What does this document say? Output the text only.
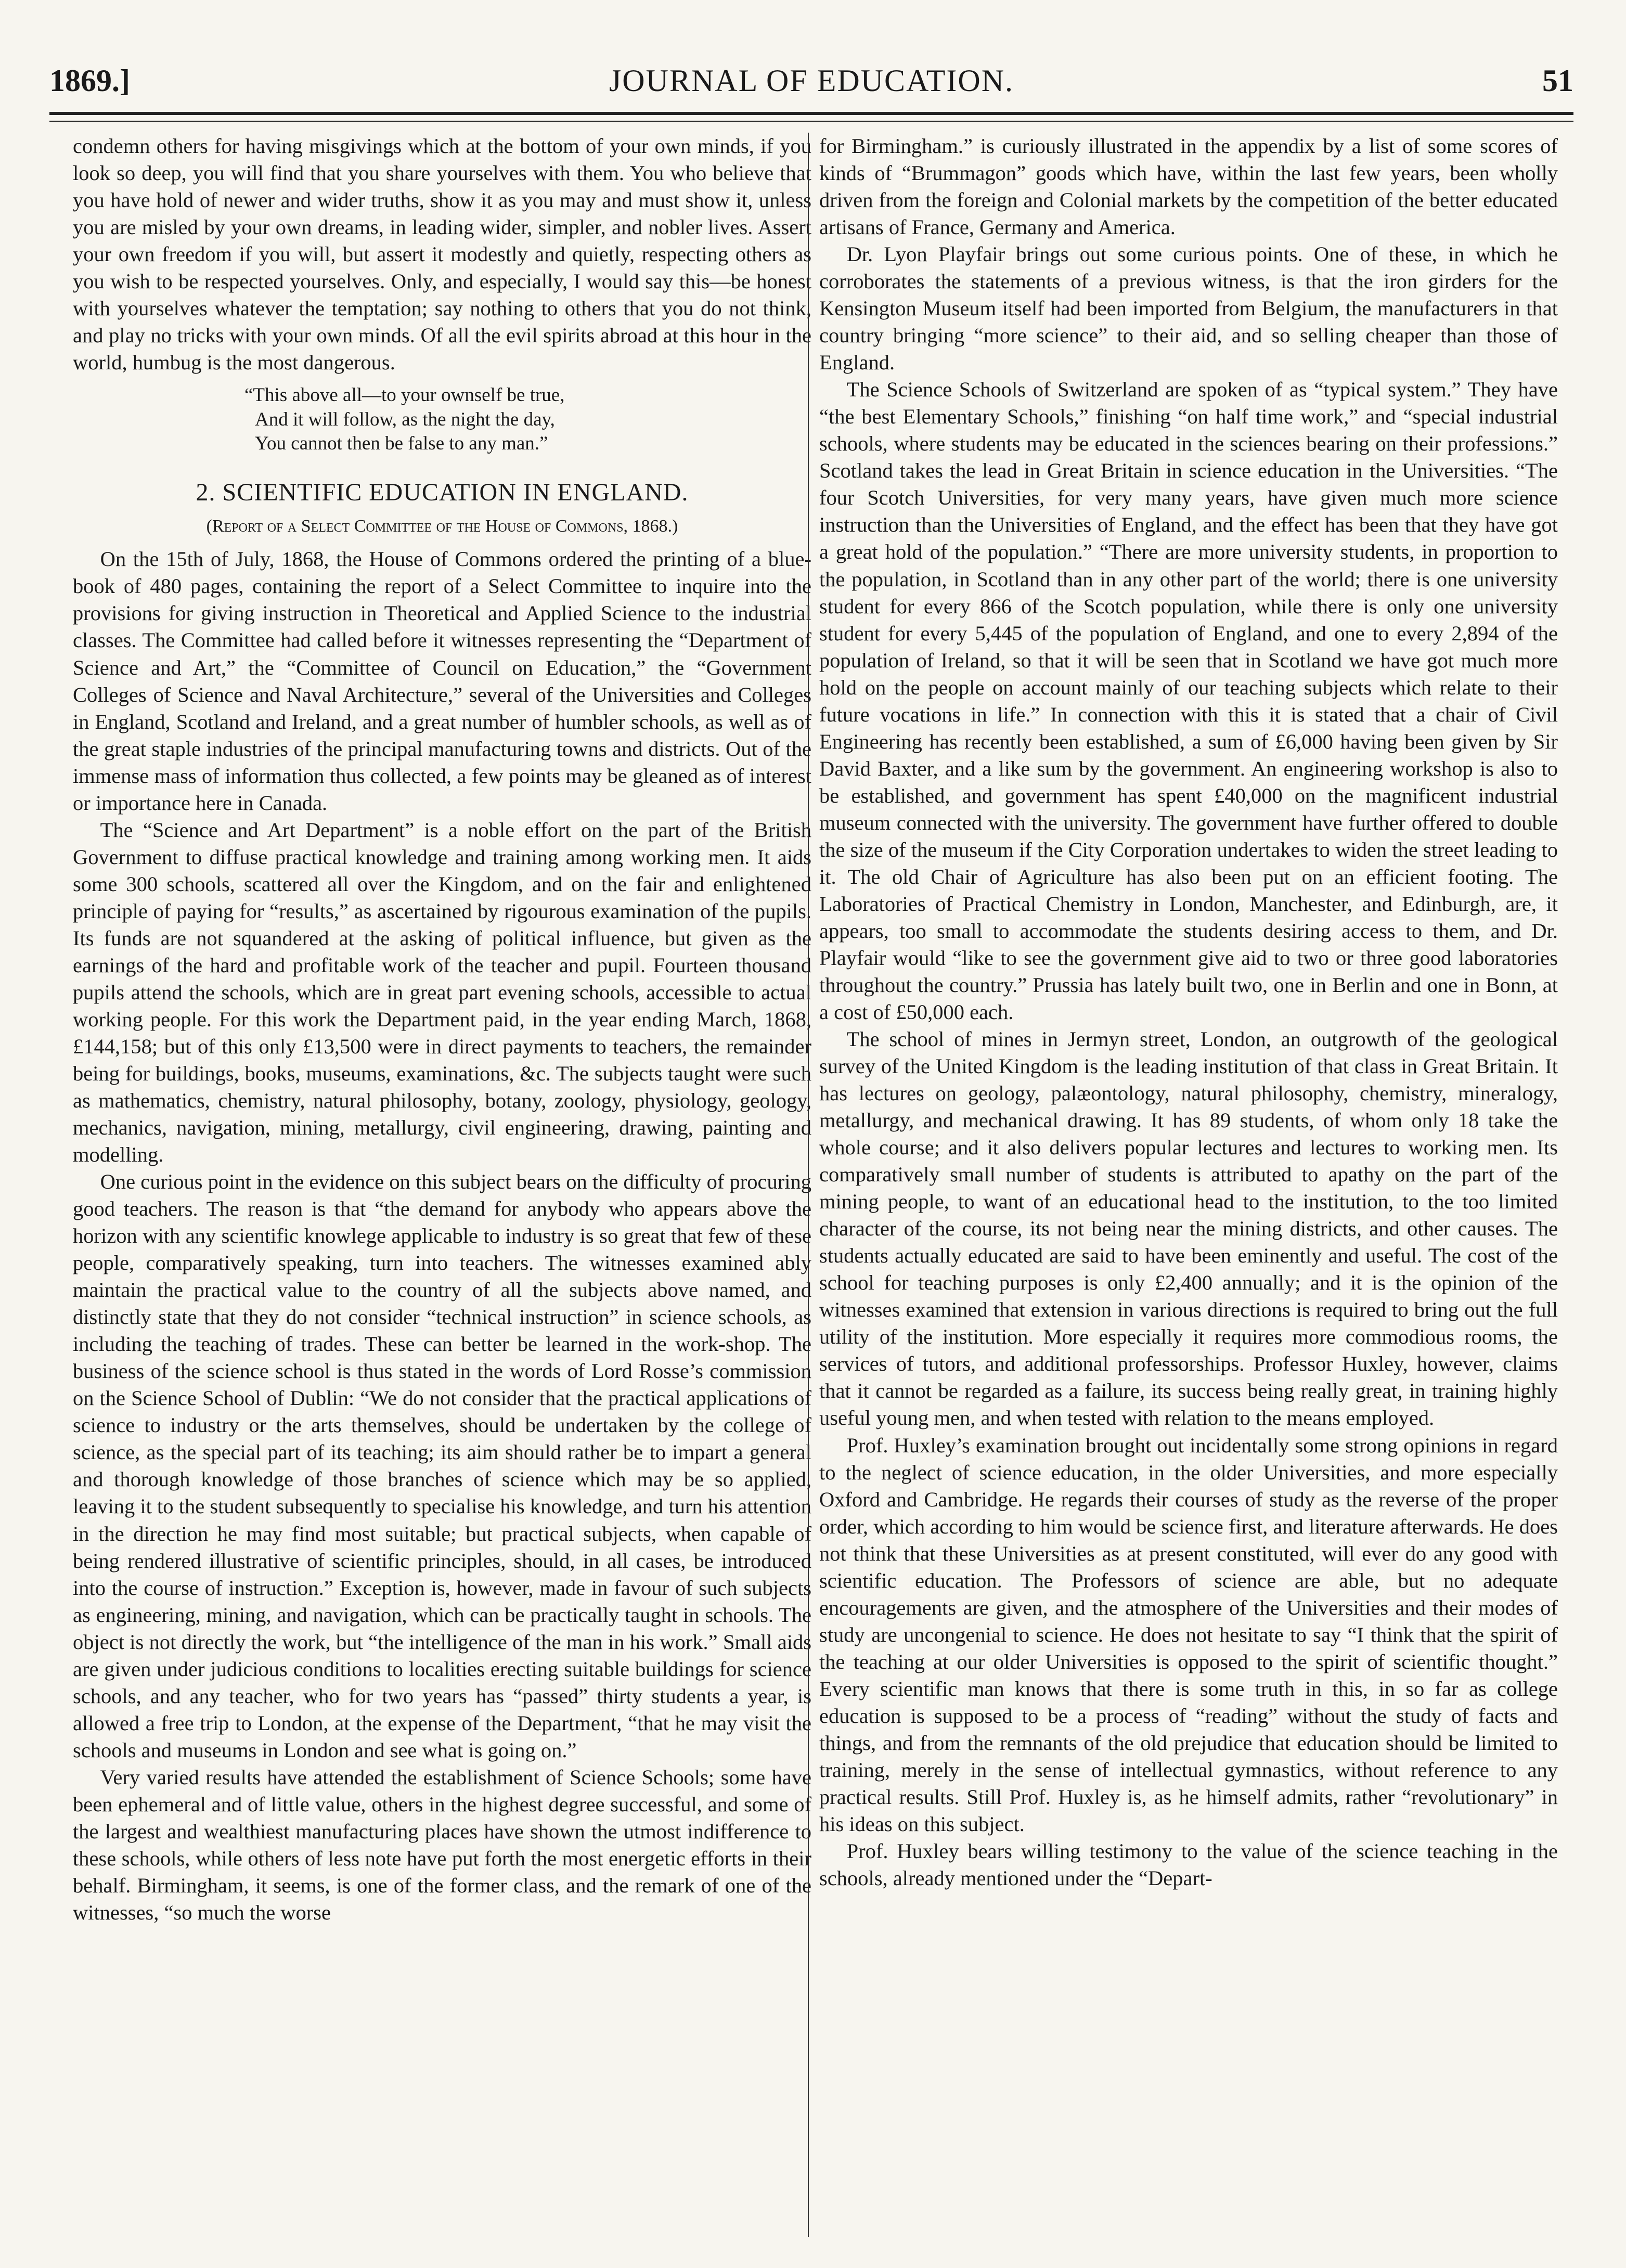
1869.]	JOURNAL OF EDUCATION.	51

condemn others for having misgivings which at the bottom of your own minds, if you look so deep, you will find that you share yourselves with them. You who believe that you have hold of newer and wider truths, show it as you may and must show it, unless you are misled by your own dreams, in leading wider, simpler, and nobler lives. Assert your own freedom if you will, but assert it modestly and quietly, respecting others as you wish to be respected yourselves. Only, and especially, I would say this—be honest with yourselves whatever the temptation; say nothing to others that you do not think, and play no tricks with your own minds. Of all the evil spirits abroad at this hour in the world, humbug is the most dangerous.

“This above all—to your ownself be true,
And it will follow, as the night the day,
You cannot then be false to any man.”
2. SCIENTIFIC EDUCATION IN ENGLAND.
(Report of a Select Committee of the House of Commons, 1868.)

On the 15th of July, 1868, the House of Commons ordered the printing of a blue-book of 480 pages, containing the report of a Select Committee to inquire into the provisions for giving instruction in Theoretical and Applied Science to the industrial classes. The Committee had called before it witnesses representing the “Department of Science and Art,” the “Committee of Council on Education,” the “Government Colleges of Science and Naval Architecture,” several of the Universities and Colleges in England, Scotland and Ireland, and a great number of humbler schools, as well as of the great staple industries of the principal manufacturing towns and districts. Out of the immense mass of information thus collected, a few points may be gleaned as of interest or importance here in Canada.

The “Science and Art Department” is a noble effort on the part of the British Government to diffuse practical knowledge and training among working men. It aids some 300 schools, scattered all over the Kingdom, and on the fair and enlightened principle of paying for “results,” as ascertained by rigourous examination of the pupils. Its funds are not squandered at the asking of political influence, but given as the earnings of the hard and profitable work of the teacher and pupil. Fourteen thousand pupils attend the schools, which are in great part evening schools, accessible to actual working people. For this work the Department paid, in the year ending March, 1868, £144,158; but of this only £13,500 were in direct payments to teachers, the remainder being for buildings, books, museums, examinations, &c. The subjects taught were such as mathematics, chemistry, natural philosophy, botany, zoology, physiology, geology, mechanics, navigation, mining, metallurgy, civil engineering, drawing, painting and modelling.

One curious point in the evidence on this subject bears on the difficulty of procuring good teachers. The reason is that “the demand for anybody who appears above the horizon with any scientific knowlege applicable to industry is so great that few of these people, comparatively speaking, turn into teachers. The witnesses examined ably maintain the practical value to the country of all the subjects above named, and distinctly state that they do not consider “technical instruction” in science schools, as including the teaching of trades. These can better be learned in the work-shop. The business of the science school is thus stated in the words of Lord Rosse’s commission on the Science School of Dublin: “We do not consider that the practical applications of science to industry or the arts themselves, should be undertaken by the college of science, as the special part of its teaching; its aim should rather be to impart a general and thorough knowledge of those branches of science which may be so applied, leaving it to the student subsequently to specialise his knowledge, and turn his attention in the direction he may find most suitable; but practical subjects, when capable of being rendered illustrative of scientific principles, should, in all cases, be introduced into the course of instruction.” Exception is, however, made in favour of such subjects as engineering, mining, and navigation, which can be practically taught in schools. The object is not directly the work, but “the intelligence of the man in his work.” Small aids are given under judicious conditions to localities erecting suitable buildings for science schools, and any teacher, who for two years has “passed” thirty students a year, is allowed a free trip to London, at the expense of the Department, “that he may visit the schools and museums in London and see what is going on.”

Very varied results have attended the establishment of Science Schools; some have been ephemeral and of little value, others in the highest degree successful, and some of the largest and wealthiest manufacturing places have shown the utmost indifference to these schools, while others of less note have put forth the most energetic efforts in their behalf. Birmingham, it seems, is one of the former class, and the remark of one of the witnesses, “so much the worse

for Birmingham.” is curiously illustrated in the appendix by a list of some scores of kinds of “Brummagon” goods which have, within the last few years, been wholly driven from the foreign and Colonial markets by the competition of the better educated artisans of France, Germany and America.

Dr. Lyon Playfair brings out some curious points. One of these, in which he corroborates the statements of a previous witness, is that the iron girders for the Kensington Museum itself had been imported from Belgium, the manufacturers in that country bringing “more science” to their aid, and so selling cheaper than those of England.

The Science Schools of Switzerland are spoken of as “typical system.” They have “the best Elementary Schools,” finishing “on half time work,” and “special industrial schools, where students may be educated in the sciences bearing on their professions.” Scotland takes the lead in Great Britain in science education in the Universities. “The four Scotch Universities, for very many years, have given much more science instruction than the Universities of England, and the effect has been that they have got a great hold of the population.” “There are more university students, in proportion to the population, in Scotland than in any other part of the world; there is one university student for every 866 of the Scotch population, while there is only one university student for every 5,445 of the population of England, and one to every 2,894 of the population of Ireland, so that it will be seen that in Scotland we have got much more hold on the people on account mainly of our teaching subjects which relate to their future vocations in life.” In connection with this it is stated that a chair of Civil Engineering has recently been established, a sum of £6,000 having been given by Sir David Baxter, and a like sum by the government. An engineering workshop is also to be established, and government has spent £40,000 on the magnificent industrial museum connected with the university. The government have further offered to double the size of the museum if the City Corporation undertakes to widen the street leading to it. The old Chair of Agriculture has also been put on an efficient footing. The Laboratories of Practical Chemistry in London, Manchester, and Edinburgh, are, it appears, too small to accommodate the students desiring access to them, and Dr. Playfair would “like to see the government give aid to two or three good laboratories throughout the country.” Prussia has lately built two, one in Berlin and one in Bonn, at a cost of £50,000 each.

The school of mines in Jermyn street, London, an outgrowth of the geological survey of the United Kingdom is the leading institution of that class in Great Britain. It has lectures on geology, palæontology, natural philosophy, chemistry, mineralogy, metallurgy, and mechanical drawing. It has 89 students, of whom only 18 take the whole course; and it also delivers popular lectures and lectures to working men. Its comparatively small number of students is attributed to apathy on the part of the mining people, to want of an educational head to the institution, to the too limited character of the course, its not being near the mining districts, and other causes. The students actually educated are said to have been eminently and useful. The cost of the school for teaching purposes is only £2,400 annually; and it is the opinion of the witnesses examined that extension in various directions is required to bring out the full utility of the institution. More especially it requires more commodious rooms, the services of tutors, and additional professorships. Professor Huxley, however, claims that it cannot be regarded as a failure, its success being really great, in training highly useful young men, and when tested with relation to the means employed.

Prof. Huxley’s examination brought out incidentally some strong opinions in regard to the neglect of science education, in the older Universities, and more especially Oxford and Cambridge. He regards their courses of study as the reverse of the proper order, which according to him would be science first, and literature afterwards. He does not think that these Universities as at present constituted, will ever do any good with scientific education. The Professors of science are able, but no adequate encouragements are given, and the atmosphere of the Universities and their modes of study are uncongenial to science. He does not hesitate to say “I think that the spirit of the teaching at our older Universities is opposed to the spirit of scientific thought.” Every scientific man knows that there is some truth in this, in so far as college education is supposed to be a process of “reading” without the study of facts and things, and from the remnants of the old prejudice that education should be limited to training, merely in the sense of intellectual gymnastics, without reference to any practical results. Still Prof. Huxley is, as he himself admits, rather “revolutionary” in his ideas on this subject.

Prof. Huxley bears willing testimony to the value of the science teaching in the schools, already mentioned under the “Depart-
